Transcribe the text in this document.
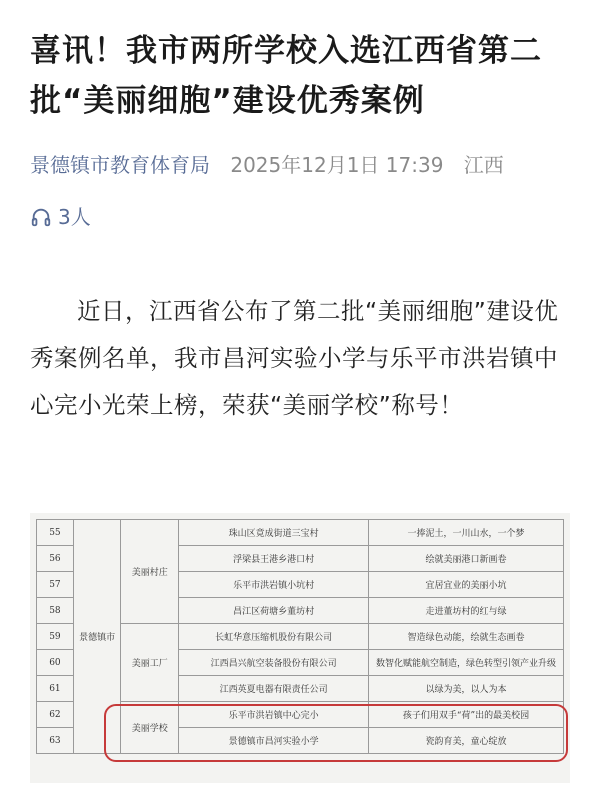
喜讯！我市两所学校入选江西省第二批“美丽细胞”建设优秀案例
景德镇市教育体育局 2025年12月1日 17:39 江西
3人

近日，江西省公布了第二批“美丽细胞”建设优秀案例名单，我市昌河实验小学与乐平市洪岩镇中心完小光荣上榜，荣获“美丽学校”称号！

55	景德镇市	美丽村庄	珠山区竟成街道三宝村	一捧泥土，一川山水，一个梦
56			浮梁县王港乡港口村	绘就美丽港口新画卷
57			乐平市洪岩镇小坑村	宜居宜业的美丽小坑
58			昌江区荷塘乡董坊村	走进董坊村的红与绿
59		美丽工厂	长虹华意压缩机股份有限公司	智造绿色动能，绘就生态画卷
60			江西昌兴航空装备股份有限公司	数智化赋能航空制造，绿色转型引领产业升级
61			江西英夏电器有限责任公司	以绿为美，以人为本
62		美丽学校	乐平市洪岩镇中心完小	孩子们用双手“荷”出的最美校园
63			景德镇市昌河实验小学	瓷韵育美，童心绽放
